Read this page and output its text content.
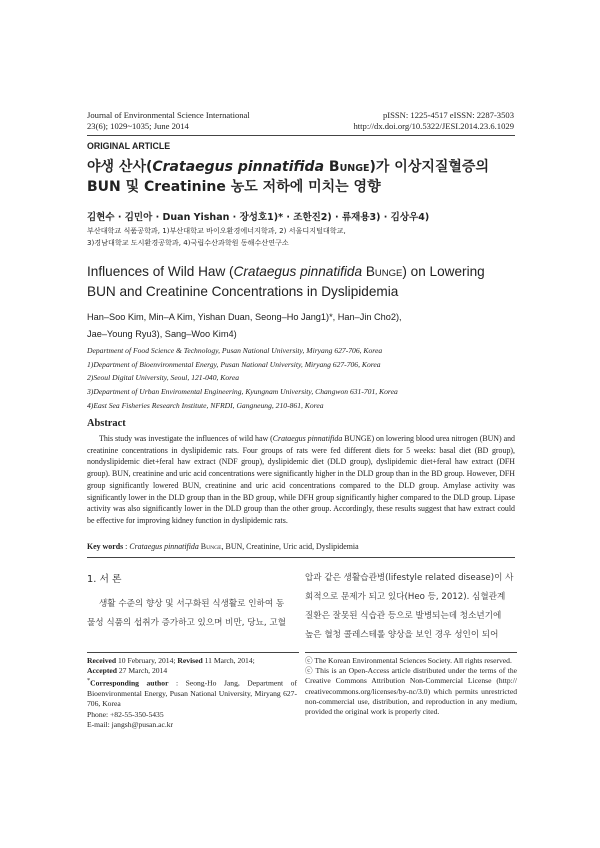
Journal of Environmental Science International
23(6); 1029~1035; June 2014
pISSN: 1225-4517 eISSN: 2287-3503
http://dx.doi.org/10.5322/JESI.2014.23.6.1029
ORIGINAL ARTICLE
야생 산사(Crataegus pinnatifida BUNGE)가 이상지질혈증의
BUN 및 Creatinine 농도 저하에 미치는 영향
김현수 · 김민아 · Duan Yishan · 장성호1)* · 조한진2) · 류재용3) · 김상우4)
부산대학교 식품공학과, 1)부산대학교 바이오환경에너지학과, 2) 서울디지털대학교,
3)경남대학교 도시환경공학과, 4)국립수산과학원 동해수산연구소
Influences of Wild Haw (Crataegus pinnatifida BUNGE) on Lowering
BUN and Creatinine Concentrations in Dyslipidemia
Han–Soo Kim, Min–A Kim, Yishan Duan, Seong–Ho Jang1)*, Han–Jin Cho2),
Jae–Young Ryu3), Sang–Woo Kim4)
Department of Food Science & Technology, Pusan National University, Miryang 627-706, Korea
1)Department of Bioenvironmental Energy, Pusan National University, Miryang 627-706, Korea
2)Seoul Digital University, Seoul, 121-040, Korea
3)Department of Urban Enviromental Engineering, Kyungnam University, Changwon 631-701, Korea
4)East Sea Fisheries Research Institute, NFRDI, Gangneung, 210-861, Korea
Abstract
This study was investigate the influences of wild haw (Crataegus pinnatifida BUNGE) on lowering blood urea nitrogen (BUN) and creatinine concentrations in dyslipidemic rats. Four groups of rats were fed different diets for 5 weeks: basal diet (BD group), nondyslipidemic diet+feral haw extract (NDF group), dyslipidemic diet (DLD group), dyslipidemic diet+feral haw extract (DFH group). BUN, creatinine and uric acid concentrations were significantly higher in the DLD group than in the BD group. However, DFH group significantly lowered BUN, creatinine and uric acid concentrations compared to the DLD group. Amylase activity was significantly lower in the DLD group than in the BD group, while DFH group significantly higher compared to the DLD group. Lipase activity was also significantly lower in the DLD group than the other group. Accordingly, these results suggest that haw extract could be effective for improving kidney function in dyslipidemic rats.
Key words : Crataegus pinnatifida BUNGE, BUN, Creatinine, Uric acid, Dyslipidemia
1. 서 론
생활 수준의 향상 및 서구화된 식생활로 인하여 동
물성 식품의 섭취가 증가하고 있으며 비만, 당뇨, 고혈
압과 같은 생활습관병(lifestyle related disease)이 사
회적으로 문제가 되고 있다(Heo 등, 2012). 심혈관계
질환은 잘못된 식습관 등으로 발병되는데 청소년기에
높은 혈청 콜레스테롤 양상을 보인 경우 성인이 되어
Received 10 February, 2014; Revised 11 March, 2014;
Accepted 27 March, 2014
*Corresponding author : Seong-Ho Jang, Department of Bioenvironmental Energy, Pusan National University, Miryang 627-706, Korea
Phone: +82-55-350-5435
E-mail: jangsh@pusan.ac.kr
ⓒ The Korean Environmental Sciences Society. All rights reserved.
ⓒ This is an Open-Access article distributed under the terms of the Creative Commons Attribution Non-Commercial License (http:// creativecommons.org/licenses/by-nc/3.0) which permits unrestricted non-commercial use, distribution, and reproduction in any medium, provided the original work is properly cited.
